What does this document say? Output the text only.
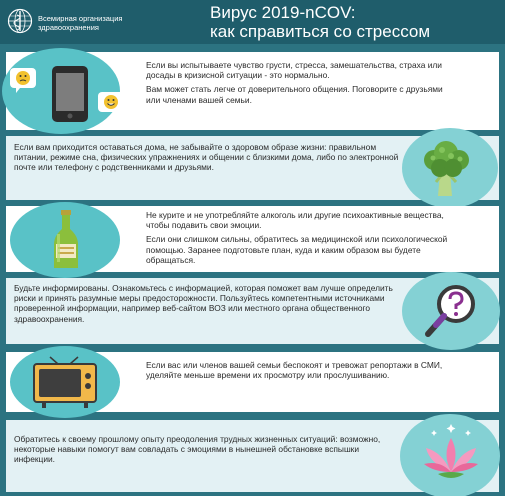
Всемирная организация
здравоохранения
Вирус 2019-nCOV:
как справиться со стрессом

Если вы испытываете чувство грусти, стресса, замешательства, страха или досады в кризисной ситуации - это нормально.

Вам может стать легче от доверительного общения. Поговорите с друзьями или членами вашей семьи.

Если вам приходится оставаться дома, не забывайте о здоровом образе жизни: правильном питании, режиме сна, физических упражнениях и общении с близкими дома, либо по электронной почте или телефону с родственниками и друзьями.

Не курите и не употребляйте алкоголь или другие психоактивные вещества, чтобы подавить свои эмоции.

Если они слишком сильны, обратитесь за медицинской или психологической помощью. Заранее подготовьте план, куда и каким образом вы будете обращаться.

Будьте информированы. Ознакомьтесь с информацией, которая поможет вам лучше определить риски и принять разумные меры предосторожности. Пользуйтесь компетентными источниками проверенной информации, например веб-сайтом ВОЗ или местного органа общественного здравоохранения.

Если вас или членов вашей семьи беспокоят и тревожат репортажи в СМИ, уделяйте меньше времени их просмотру или прослушиванию.

Обратитесь к своему прошлому опыту преодоления трудных жизненных ситуаций: возможно, некоторые навыки помогут вам совладать с эмоциями в нынешней обстановке вспышки инфекции.
